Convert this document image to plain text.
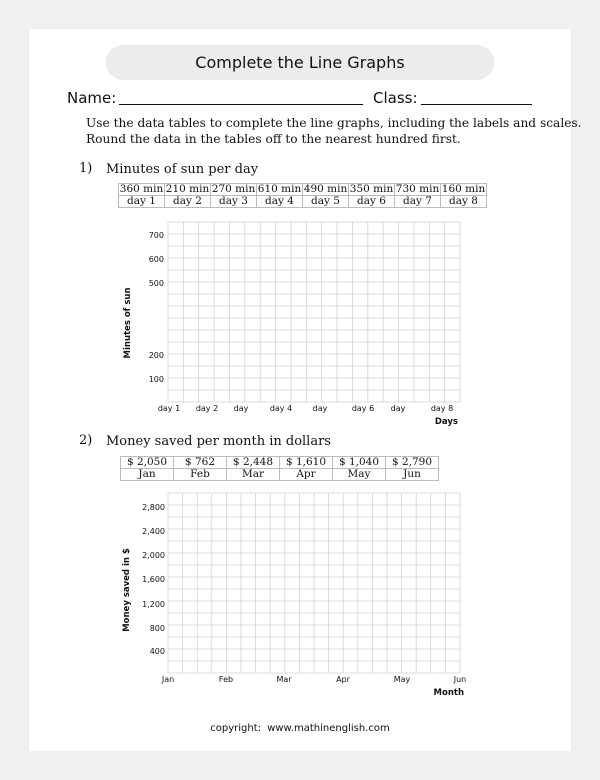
Complete the Line Graphs
Name:	Class:
Use the data tables to complete the line graphs, including the labels and scales.
Round the data in the tables off to the nearest hundred first.
1) Minutes of sun per day
360 min	210 min	270 min	610 min	490 min	350 min	730 min	160 min
day 1	day 2	day 3	day 4	day 5	day 6	day 7	day 8
2) Money saved per month in dollars
$ 2,050	$ 762	$ 2,448	$ 1,610	$ 1,040	$ 2,790
Jan	Feb	Mar	Apr	May	Jun
day 1 day 2 day	day 4	day	day 6 day	day 8
700
600
500
200
100
Days
Minutes of sun
Jan	Feb	Mar	Apr	May	Jun
2,800
2,400
2,000
1,600
1,200
800
400
Month
Money saved in $
copyright: www.mathinenglish.com
